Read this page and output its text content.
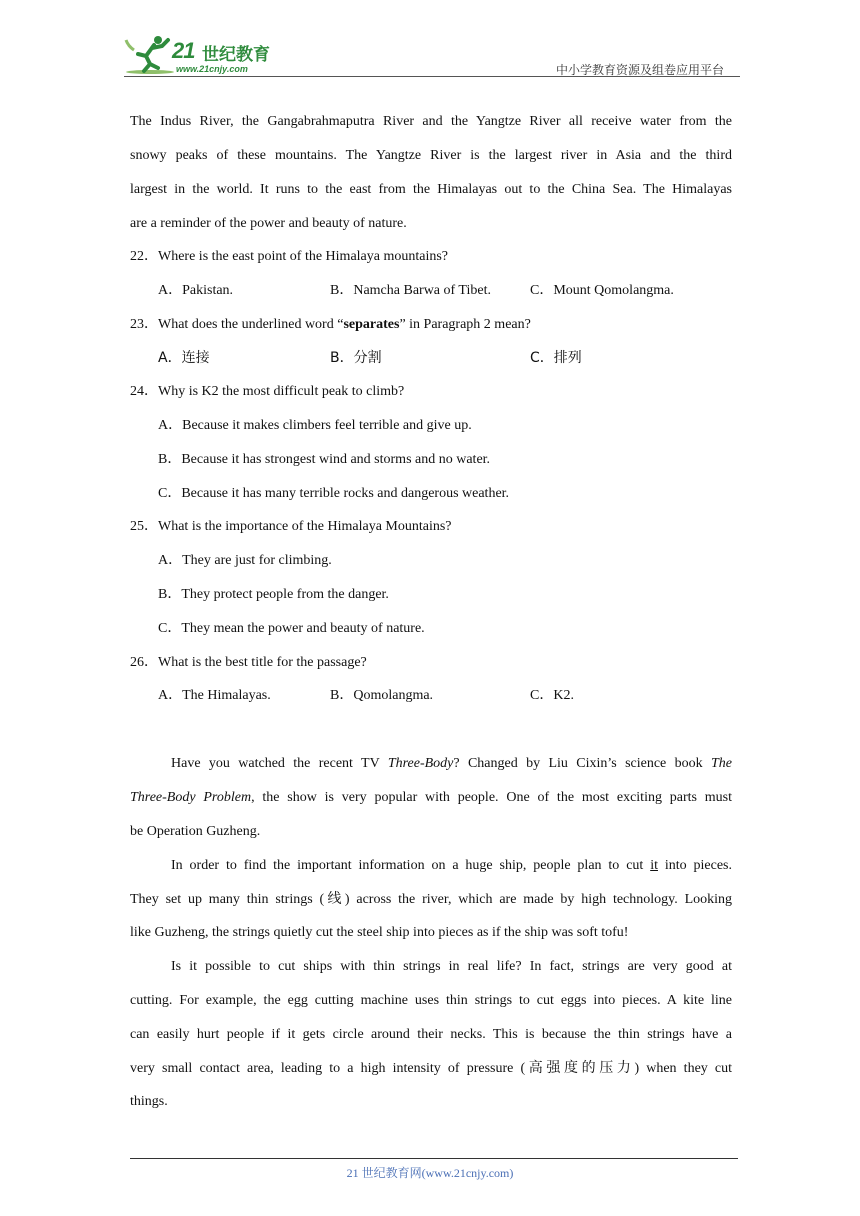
21 世纪教育
www.21cnjy.com	中小学教育资源及组卷应用平台
The Indus River, the Gangabrahmaputra River and the Yangtze River all receive water from the
snowy peaks of these mountains. The Yangtze River is the largest river in Asia and the third
largest in the world. It runs to the east from the Himalayas out to the China Sea. The Himalayas
are a reminder of the power and beauty of nature.
22．Where is the east point of the Himalaya mountains?
A．Pakistan.	B．Namcha Barwa of Tibet.	C．Mount Qomolangma.
23．What does the underlined word “separates” in Paragraph 2 mean?
A．连接	B．分割	C．排列
24．Why is K2 the most difficult peak to climb?
A．Because it makes climbers feel terrible and give up.
B．Because it has strongest wind and storms and no water.
C．Because it has many terrible rocks and dangerous weather.
25．What is the importance of the Himalaya Mountains?
A．They are just for climbing.
B．They protect people from the danger.
C．They mean the power and beauty of nature.
26．What is the best title for the passage?
A．The Himalayas.	B．Qomolangma.	C．K2.
Have you watched the recent TV Three-Body? Changed by Liu Cixin’s science book The
Three-Body Problem, the show is very popular with people. One of the most exciting parts must
be Operation Guzheng.
In order to find the important information on a huge ship, people plan to cut it into pieces.
They set up many thin strings (线) across the river, which are made by high technology. Looking
like Guzheng, the strings quietly cut the steel ship into pieces as if the ship was soft tofu!
Is it possible to cut ships with thin strings in real life? In fact, strings are very good at
cutting. For example, the egg cutting machine uses thin strings to cut eggs into pieces. A kite line
can easily hurt people if it gets circle around their necks. This is because the thin strings have a
very small contact area, leading to a high intensity of pressure (高强度的压力) when they cut
things.
21 世纪教育网(www.21cnjy.com)
